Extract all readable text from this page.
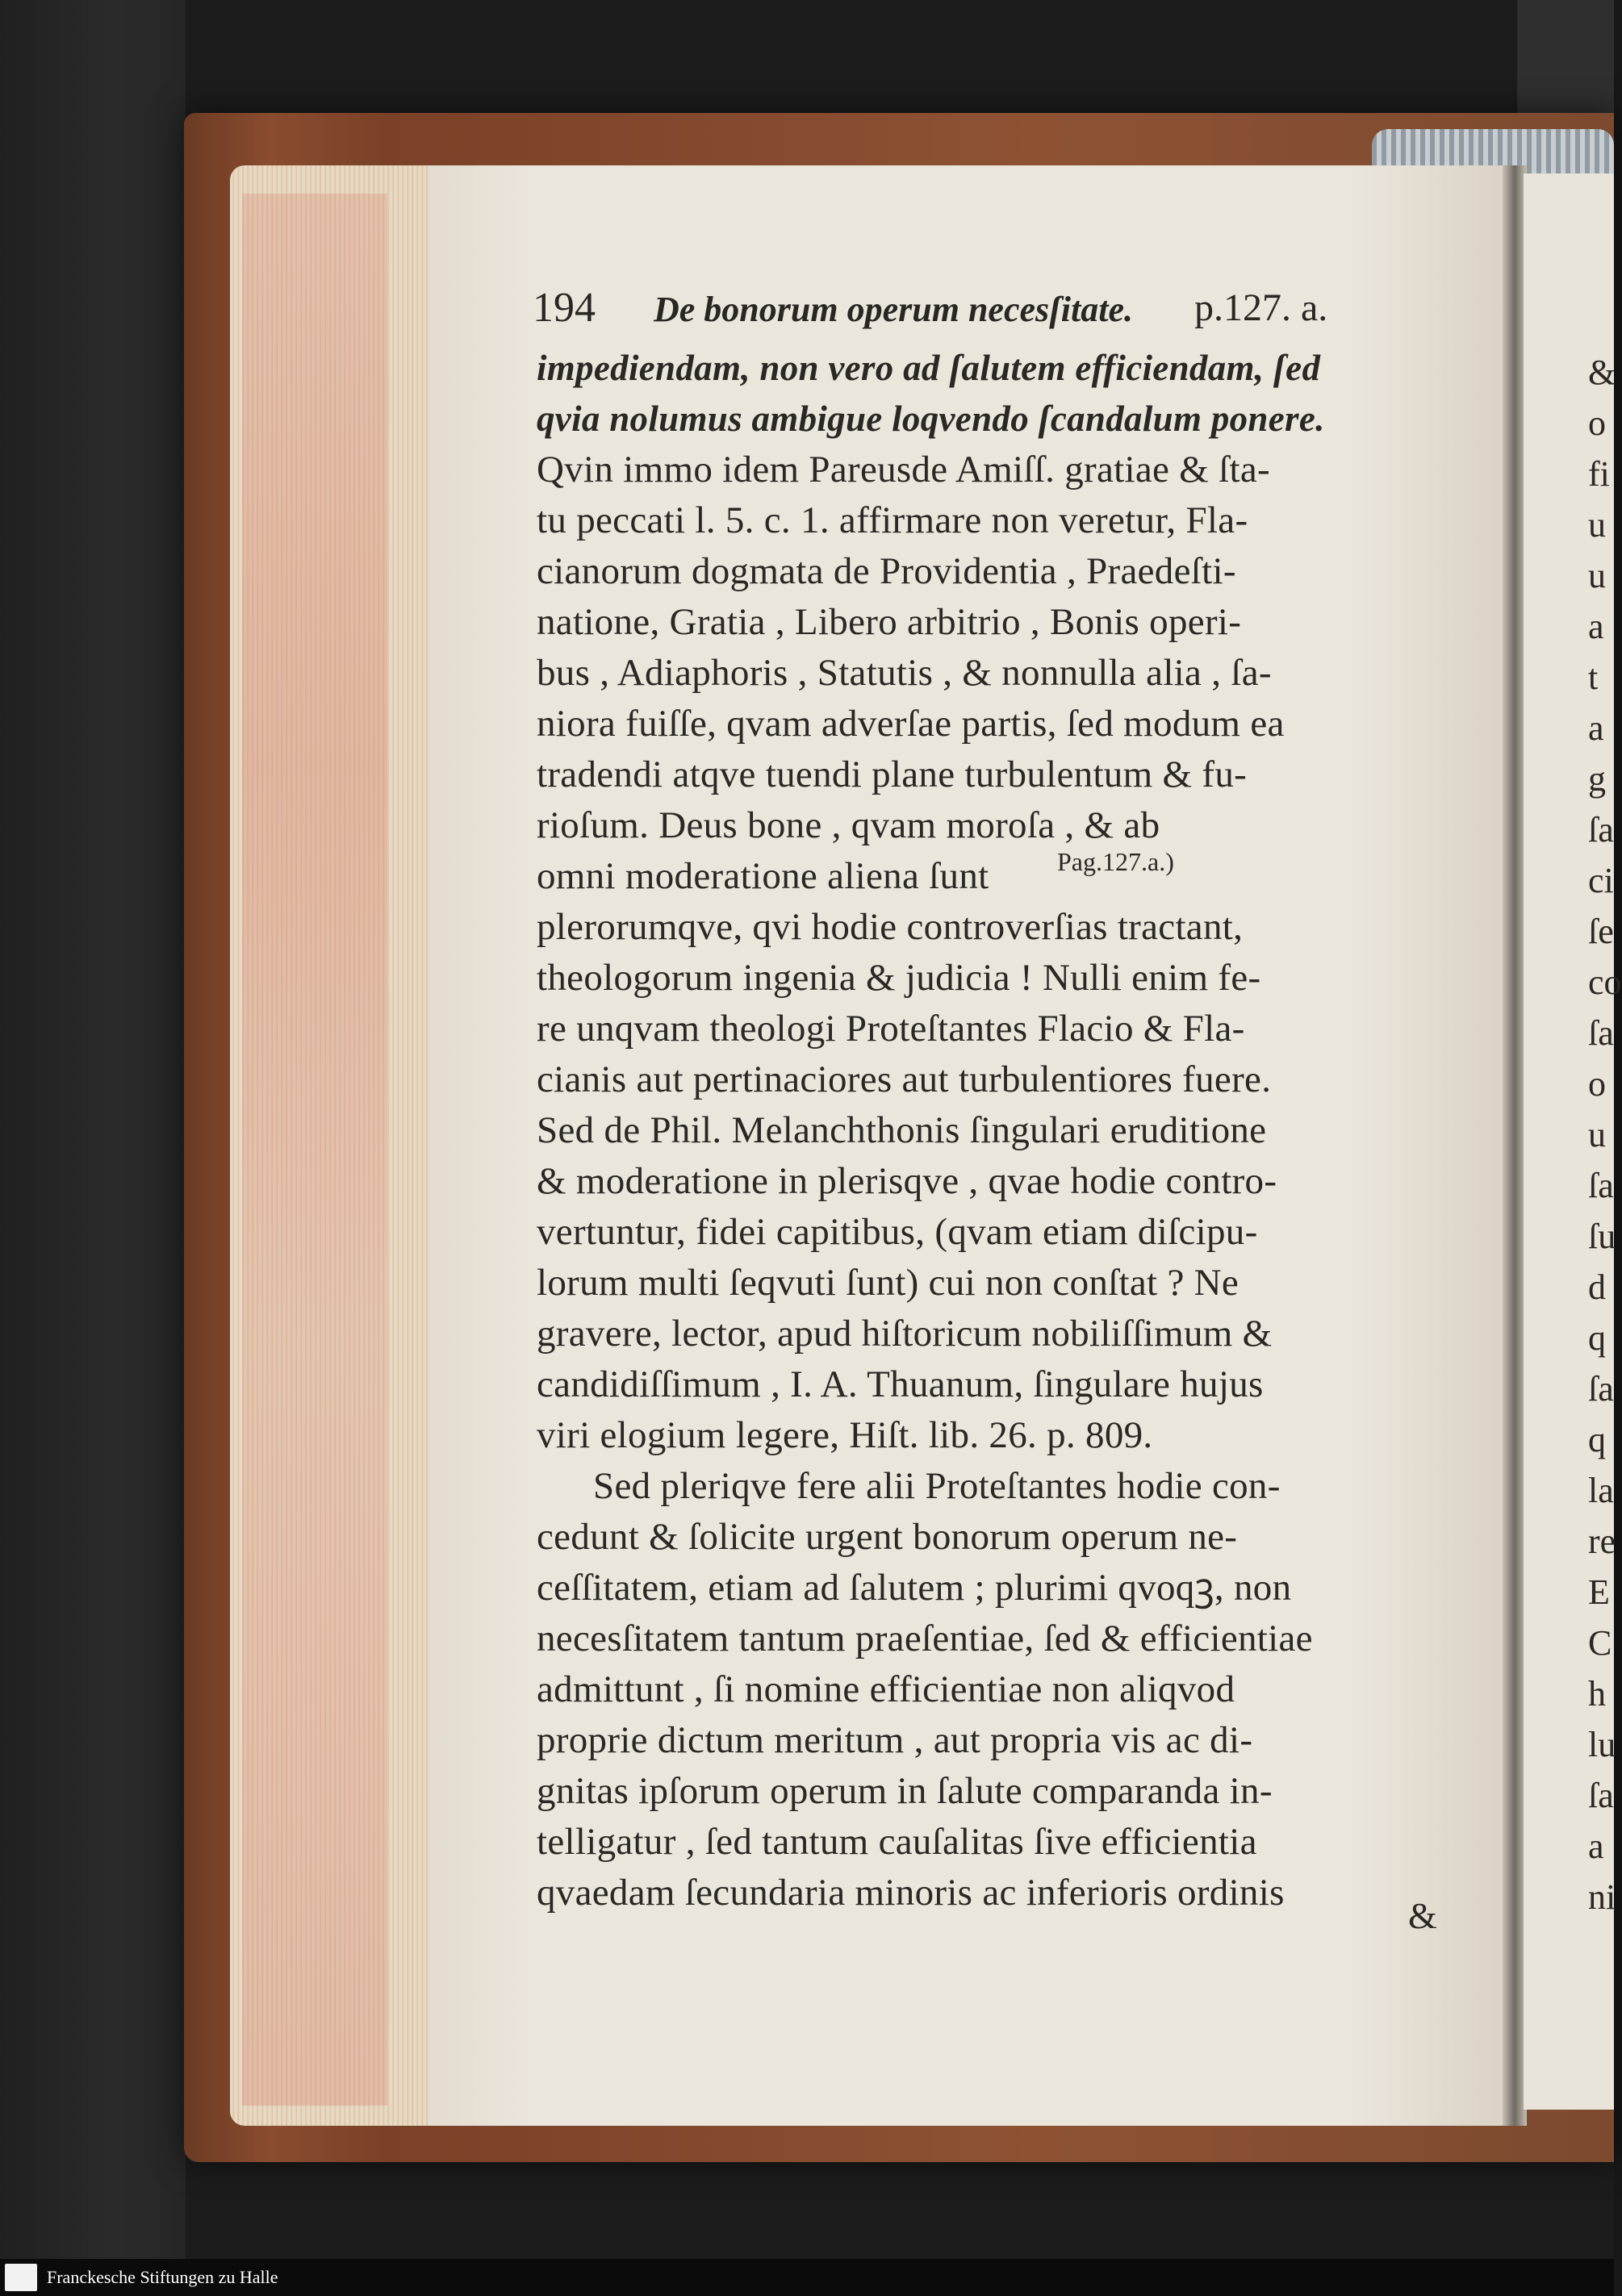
194 De bonorum operum necesſitate. p.127. a.
impediendam, non vero ad ſalutem efficiendam, ſed
qvia nolumus ambigue loqvendo ſcandalum ponere.
Qvin immo idem Pareusde Amiſſ. gratiae & ſta-
tu peccati l. 5. c. 1. affirmare non veretur, Fla-
cianorum dogmata de Providentia , Praedeſti-
natione, Gratia , Libero arbitrio , Bonis operi-
bus , Adiaphoris , Statutis , & nonnulla alia , ſa-
niora fuiſſe, qvam adverſae partis, ſed modum ea
tradendi atqve tuendi plane turbulentum & fu-
rioſum. Deus bone , qvam moroſa , & ab
omni moderatione aliena ſunt
plerorumqve, qvi hodie controverſias tractant,
theologorum ingenia & judicia ! Nulli enim fe-
re unqvam theologi Proteſtantes Flacio & Fla-
cianis aut pertinaciores aut turbulentiores fuere.
Sed de Phil. Melanchthonis ſingulari eruditione
& moderatione in plerisqve , qvae hodie contro-
vertuntur, fidei capitibus, (qvam etiam diſcipu-
lorum multi ſeqvuti ſunt) cui non conſtat ? Ne
gravere, lector, apud hiſtoricum nobiliſſimum &
candidiſſimum , I. A. Thuanum, ſingulare hujus
viri elogium legere, Hiſt. lib. 26. p. 809.
Sed pleriqve fere alii Proteſtantes hodie con-
cedunt & ſolicite urgent bonorum operum ne-
ceſſitatem, etiam ad ſalutem ; plurimi qvoqꝫ, non
necesſitatem tantum praeſentiae, ſed & efficientiae
admittunt , ſi nomine efficientiae non aliqvod
proprie dictum meritum , aut propria vis ac di-
gnitas ipſorum operum in ſalute comparanda in-
telligatur , ſed tantum cauſalitas ſive efficientia
qvaedam ſecundaria minoris ac inferioris ordinis
Pag.127.a.)
&
&
o
fi
u
u
a
t
a
g
ſa
ci
ſe
co
ſa
o
u
ſa
ſu
d
q
ſa
q
la
re
E
C
h
lu
ſa
a
ni
Franckesche Stiftungen zu Halle
